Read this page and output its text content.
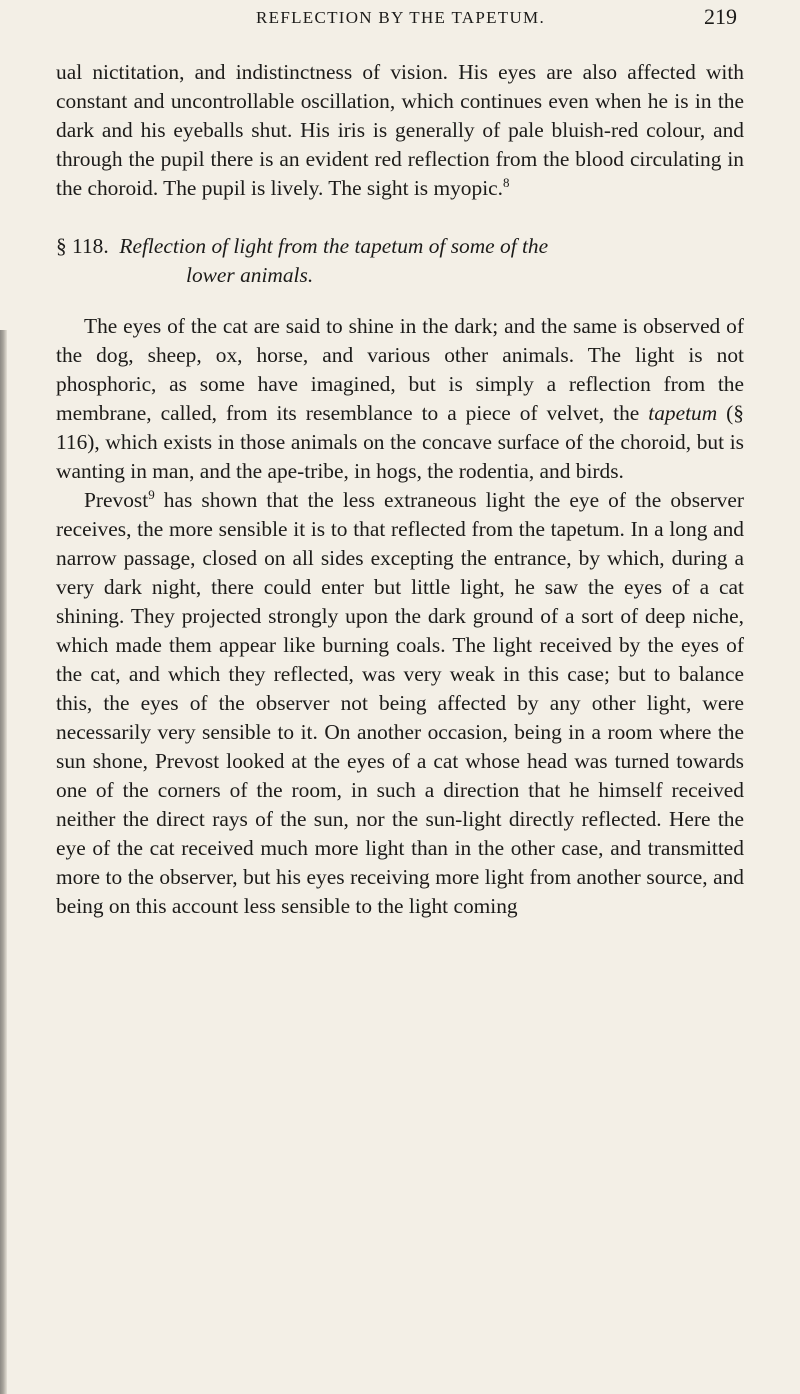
REFLECTION BY THE TAPETUM.	219

ual nictitation, and indistinctness of vision. His eyes are also affected with constant and uncontrollable oscillation, which continues even when he is in the dark and his eyeballs shut. His iris is generally of pale bluish-red colour, and through the pupil there is an evident red reflection from the blood circulating in the choroid. The pupil is lively. The sight is myopic.$^8$

§ 118. Reflection of light from the tapetum of some of the
lower animals.

The eyes of the cat are said to shine in the dark; and the same is observed of the dog, sheep, ox, horse, and various other animals. The light is not phosphoric, as some have imagined, but is simply a reflection from the membrane, called, from its resemblance to a piece of velvet, the tapetum (§ 116), which exists in those animals on the concave surface of the choroid, but is wanting in man, and the ape-tribe, in hogs, the rodentia, and birds.

Prevost$^9$ has shown that the less extraneous light the eye of the observer receives, the more sensible it is to that reflected from the tapetum. In a long and narrow passage, closed on all sides excepting the entrance, by which, during a very dark night, there could enter but little light, he saw the eyes of a cat shining. They projected strongly upon the dark ground of a sort of deep niche, which made them appear like burning coals. The light received by the eyes of the cat, and which they reflected, was very weak in this case; but to balance this, the eyes of the observer not being affected by any other light, were necessarily very sensible to it. On another occasion, being in a room where the sun shone, Prevost looked at the eyes of a cat whose head was turned towards one of the corners of the room, in such a direction that he himself received neither the direct rays of the sun, nor the sun-light directly reflected. Here the eye of the cat received much more light than in the other case, and transmitted more to the observer, but his eyes receiving more light from another source, and being on this account less sensible to the light coming
